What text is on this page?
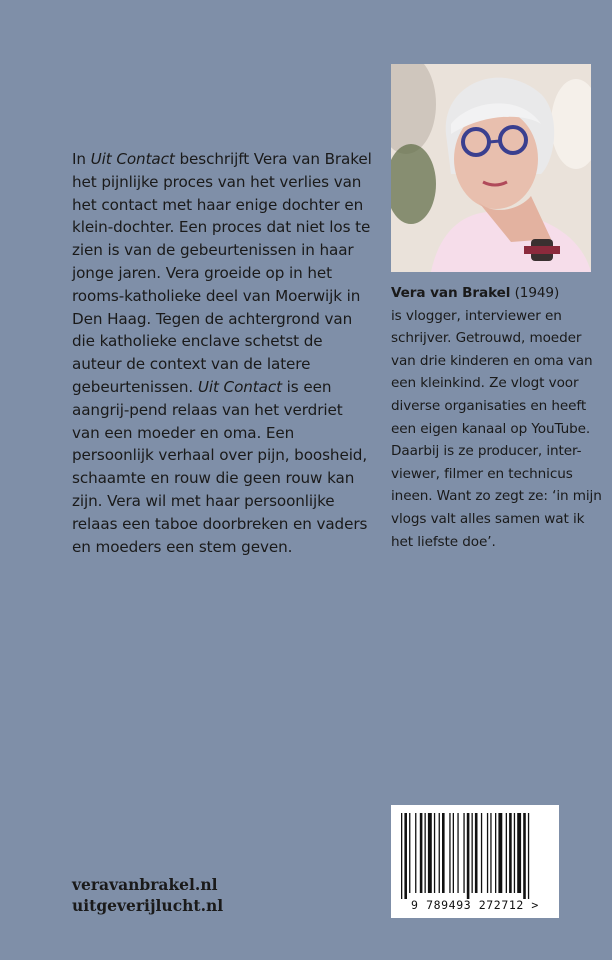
In Uit Contact beschrijft Vera van Brakel het pijnlijke proces van het verlies van het contact met haar enige dochter en klein-dochter. Een proces dat niet los te zien is van de gebeurtenissen in haar jonge jaren. Vera groeide op in het rooms-katholieke deel van Moerwijk in Den Haag. Tegen de achtergrond van die katholieke enclave schetst de auteur de context van de latere gebeurtenissen. Uit Contact is een aangrij-pend relaas van het verdriet van een moeder en oma. Een persoonlijk verhaal over pijn, boosheid, schaamte en rouw die geen rouw kan zijn. Vera wil met haar persoonlijke relaas een taboe doorbreken en vaders en moeders een stem geven.
Vera van Brakel (1949)
is vlogger, interviewer en schrijver. Getrouwd, moeder van drie kinderen en oma van een kleinkind. Ze vlogt voor diverse organisaties en heeft een eigen kanaal op YouTube. Daarbij is ze producer, inter-viewer, filmer en technicus ineen. Want zo zegt ze: ‘in mijn vlogs valt alles samen wat ik het liefste doe’.
veravanbrakel.nl
uitgeverijlucht.nl	9 789493 272712 >
